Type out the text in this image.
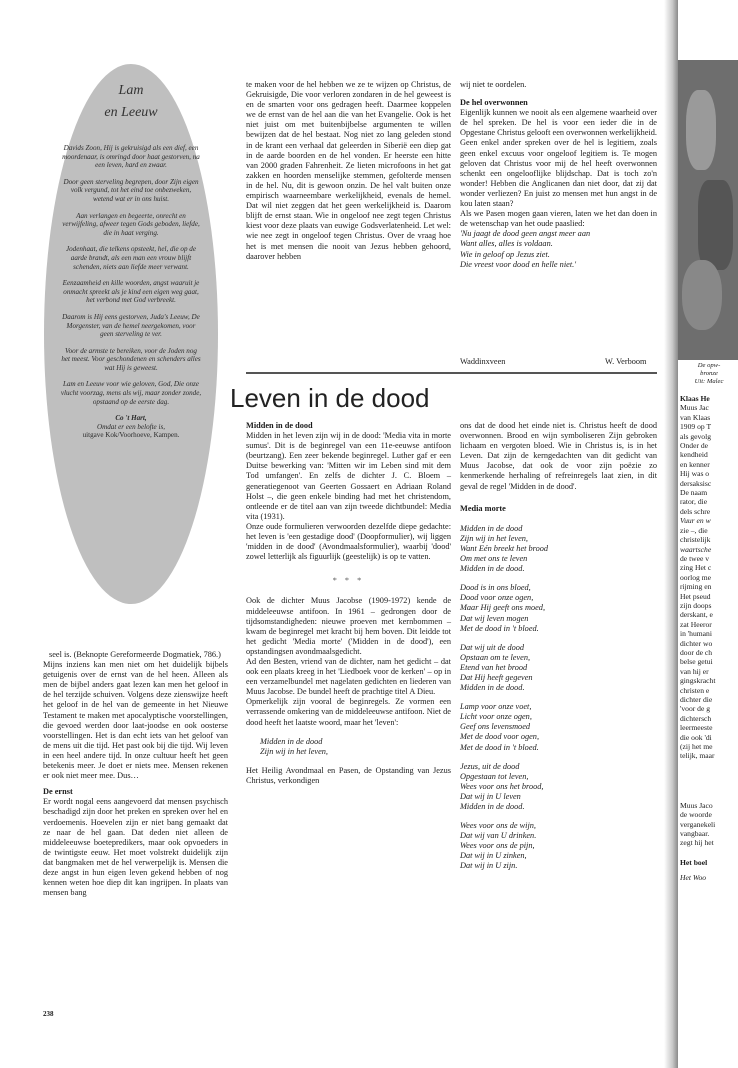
Lam
en Leeuw

Davids Zoon, Hij is gekruisigd als een dief, een moordenaar, is omringd door haat gestorven, na een leven, hard en zwaar.

Door geen sterveling begrepen, door Zijn eigen volk vergund, tot het eind toe onbezweken, wetend wat er in ons huist.

Aan verlangen en begeerte, onrecht en verwijfeling, afweer tegen Gods geboden, liefde, die in haat verging.

Jodenhaat, die telkens opsteekt, hel, die op de aarde brandt, als een man een vrouw blijft schenden, niets aan liefde meer verwant.

Eenzaamheid en kille woorden, angst waaruit je onmacht spreekt als je kind een eigen weg gaat, het verbond met God verbreekt.

Daarom is Hij eens gestorven, Juda's Leeuw, De Morgenster, van de hemel neergekomen, voor geen sterveling te ver.

Voor de armste te bereiken, voor de Joden nog het meest. Voor geschondenen en schenders alles wat Hij is geweest.

Lam en Leeuw voor wie geloven, God, Die onze vlucht voorzag, mens als wij, maar zonder zonde, opstaand op de eerste dag.

Co 't Hart,
Omdat er een belofte is,
uitgave Kok/Voorhoeve, Kampen.

seel is. (Beknopte Gereformeerde Dogmatiek, 786.)

Mijns inziens kan men niet om het duidelijk bijbels getuigenis over de ernst van de hel heen. Alleen als men de bijbel anders gaat lezen kan men het geloof in de hel terzijde schuiven. Volgens deze zienswijze heeft het geloof in de hel van de gemeente in het Nieuwe Testament te maken met apocalyptische voorstellingen, die gevoed werden door laat-joodse en ook oosterse voorstellingen. Het is dan echt iets van het geloof van de mens uit die tijd. Het past ook bij die tijd. Wij leven in een heel andere tijd. In onze cultuur heeft het geen betekenis meer. Je doet er niets mee. Mensen rekenen er ook niet meer mee. Dus…

De ernst

Er wordt nogal eens aangevoerd dat mensen psychisch beschadigd zijn door het preken en spreken over hel en verdoemenis. Hoevelen zijn er niet bang gemaakt dat ze naar de hel gaan. Dat deden niet alleen de middeleeuwse boetepredikers, maar ook opvoeders in de twintigste eeuw. Het moet volstrekt duidelijk zijn dat bangmaken met de hel verwerpelijk is. Mensen die deze angst in hun eigen leven gekend hebben of nog kennen weten hoe diep dit kan ingrijpen. In plaats van mensen bang

te maken voor de hel hebben we ze te wijzen op Christus, de Gekruisigde, Die voor verloren zondaren in de hel geweest is en de smarten voor ons gedragen heeft. Daarmee koppelen we de ernst van de hel aan die van het Evangelie. Ook is het niet juist om met buitenbijbelse argumenten te willen bewijzen dat de hel bestaat. Nog niet zo lang geleden stond in de krant een verhaal dat geleerden in Siberië een diep gat in de aarde boorden en de hel vonden. Er heerste een hitte van 2000 graden Fahrenheit. Ze lieten microfoons in het gat zakken en hoorden menselijke stemmen, gefolterde mensen in de hel. Nu, dit is gewoon onzin. De hel valt buiten onze empirisch waarneembare werkelijkheid, evenals de hemel. Dat wil niet zeggen dat het geen werkelijkheid is. Daarom blijft de ernst staan. Wie in ongeloof nee zegt tegen Christus kiest voor deze plaats van euwige Godsverlatenheid. Let wel: wie nee zegt in ongeloof tegen Christus. Over de vraag hoe het is met mensen die nooit van Jezus hebben gehoord, daarover hebben

wij niet te oordelen.

De hel overwonnen

Eigenlijk kunnen we nooit als een algemene waarheid over de hel spreken. De hel is voor een ieder die in de Opgestane Christus gelooft een overwonnen werkelijkheid. Geen enkel ander spreken over de hel is legitiem, zoals geen enkel excuus voor ongeloof legitiem is. Te mogen geloven dat Christus voor mij de hel heeft overwonnen schenkt een ongelooflijke blijdschap. Dat is toch zo'n wonder! Hebben die Anglicanen dan niet door, dat zij dat wonder verliezen? En juist zo mensen met hun angst in de kou laten staan?

Als we Pasen mogen gaan vieren, laten we het dan doen in de wetenschap van het oude paaslied:

'Nu jaagt de dood geen angst meer aan
Want alles, alles is voldaan.
Wie in geloof op Jezus ziet.
Die vreest voor dood en helle niet.'
Waddinxveen	W. Verboom
Leven in de dood
Midden in de dood

Midden in het leven zijn wij in de dood: 'Media vita in morte sumus'. Dit is de beginregel van een 11e-eeuwse antifoon (beurtzang). Een zeer bekende beginregel. Luther gaf er een Duitse bewerking van: 'Mitten wir im Leben sind mit dem Tod umfangen'. En zelfs de dichter J. C. Bloem – generatiegenoot van Geerten Gossaert en Adriaan Roland Holst –, die geen enkele binding had met het christendom, ontleende er de titel aan van zijn tweede dichtbundel: Media vita (1931).

Onze oude formulieren verwoorden dezelfde diepe gedachte: het leven is 'een gestadige dood' (Doopformulier), wij liggen 'midden in de dood' (Avondmaalsformulier), waarbij 'dood' zowel letterlijk als figuurlijk (geestelijk) is op te vatten.

* * *

Ook de dichter Muus Jacobse (1909-1972) kende de middeleeuwse antifoon. In 1961 – gedrongen door de tijdsomstandigheden: nieuwe proeven met kernbommen – kwam de beginregel met kracht bij hem boven. Dit leidde tot het gedicht 'Media morte' ('Midden in de dood'), een opstandingsen avondmaalsgedicht.

Ad den Besten, vriend van de dichter, nam het gedicht – dat ook een plaats kreeg in het 'Liedboek voor de kerken' – op in een verzamelbundel met nagelaten gedichten en liederen van Muus Jacobse. De bundel heeft de prachtige titel A Dieu.

Opmerkelijk zijn vooral de beginregels. Ze vormen een verrassende omkering van de middeleeuwse antifoon. Niet de dood heeft het laatste woord, maar het 'leven':

Midden in de dood
Zijn wij in het leven,

Het Heilig Avondmaal en Pasen, de Opstanding van Jezus Christus, verkondigen

ons dat de dood het einde niet is. Christus heeft de dood overwonnen. Brood en wijn symboliseren Zijn gebroken lichaam en vergoten bloed. Wie in Christus is, is in het Leven. Dat zijn de kerngedachten van dit gedicht van Muus Jacobse, dat ook de voor zijn poëzie zo kenmerkende herhaling of refreinregels laat zien, in dit geval de regel 'Midden in de dood'.

Media morte
Midden in de dood
Zijn wij in het leven,
Want Eén breekt het brood
Om met ons te leven
Midden in de dood.
Dood is in ons bloed,
Dood voor onze ogen,
Maar Hij geeft ons moed,
Dat wij leven mogen
Met de dood in 't bloed.
Dat wij uit de dood
Opstaan om te leven,
Etend van het brood
Dat Hij heeft gegeven
Midden in de dood.
Lamp voor onze voet,
Licht voor onze ogen,
Geef ons levensmoed
Met de dood voor ogen,
Met de dood in 't bloed.
Jezus, uit de dood
Opgestaan tot leven,
Wees voor ons het brood,
Dat wij in U leven
Midden in de dood.
Wees voor ons de wijn,
Dat wij van U drinken.
Wees voor ons de pijn,
Dat wij in U zinken,
Dat wij in U zijn.
238
De opw-
bronze
Uit: Malec
Klaas He
Muus Jac
van Klaas
1909 op T
als gevolg
Onder de
kendheid
en kenner
Hij was o
dersaksisc
De naam
rator, die
dels schre
Vuur en w
zie –, die
christelijk
waartsche
de twee v
zing Het c
oorlog me
rijming en
Het pseud
zijn doops
derskant, e
zat Heeror
in 'humani
dichter wo
door de ch
belse getui
van hij er
gingskracht
christen e
dichter die
'voor de g
dichtersch
leermeeste
die ook 'di
(zij het me
telijk, maar
Muus Jaco
de woorde
verganekeli
vangbaar.
zegt hij het
Het boel
Het Woo
